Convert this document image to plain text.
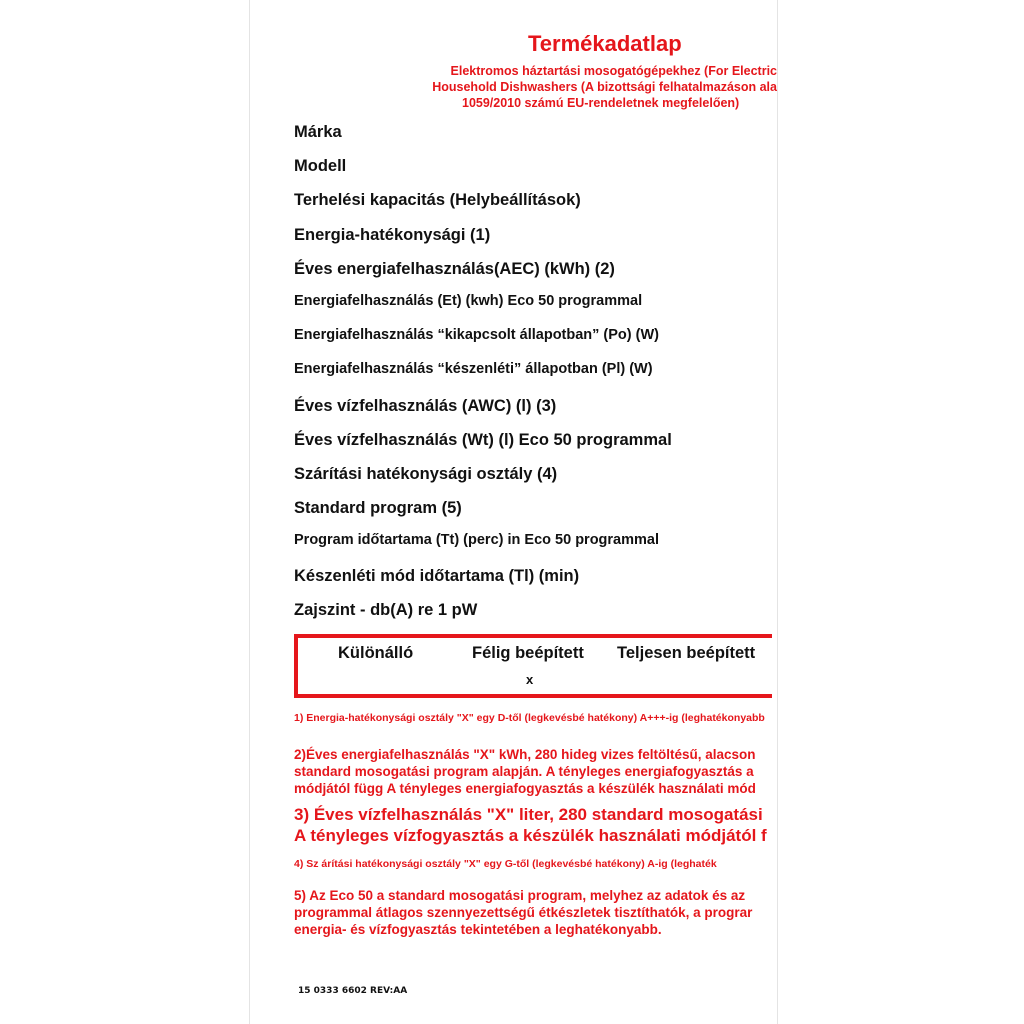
Termékadatlap
Elektromos háztartási mosogatógépekhez (For Electric
Household Dishwashers (A bizottsági felhatalmazáson ala
1059/2010 számú EU-rendeletnek megfelelően)
Márka
Modell
Terhelési kapacitás (Helybeállítások)
Energia-hatékonysági (1)
Éves energiafelhasználás(AEC) (kWh) (2)
Energiafelhasználás (Et) (kwh) Eco 50 programmal
Energiafelhasználás “kikapcsolt állapotban” (Po) (W)
Energiafelhasználás “készenléti” állapotban (Pl) (W)
Éves vízfelhasználás (AWC) (l) (3)
Éves vízfelhasználás (Wt) (l) Eco 50 programmal
Szárítási hatékonysági osztály (4)
Standard program (5)
Program időtartama (Tt) (perc) in Eco 50 programmal
Készenléti mód időtartama (Tl) (min)
Zajszint - db(A) re 1 pW
Különálló	Félig beépített Teljesen beépített
x
1) Energia-hatékonysági osztály "X" egy D-től (legkevésbé hatékony) A+++-ig (leghatékonyabb
2)Éves energiafelhasználás "X" kWh, 280 hideg vizes feltöltésű, alacson
standard mosogatási program alapján. A tényleges energiafogyasztás a
módjától függ A tényleges energiafogyasztás a készülék használati mód
3) Éves vízfelhasználás "X" liter, 280 standard mosogatási
A tényleges vízfogyasztás a készülék használati módjától f
4) Sz árítási hatékonysági osztály "X" egy G-től (legkevésbé hatékony) A-ig (leghaték
5) Az Eco 50 a standard mosogatási program, melyhez az adatok és az
programmal átlagos szennyezettségű étkészletek tisztíthatók, a prograr
energia- és vízfogyasztás tekintetében a leghatékonyabb.
15 0333 6602 REV:AA
